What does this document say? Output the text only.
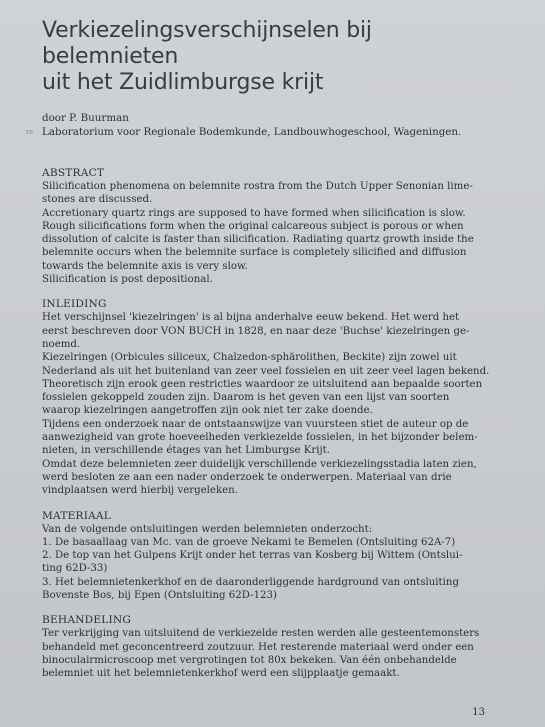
Verkiezelingsverschijnselen bij belemnieten
uit het Zuidlimburgse krijt
door P. Buurman
rs Laboratorium voor Regionale Bodemkunde, Landbouwhogeschool, Wageningen.
ABSTRACT
Silicification phenomena on belemnite rostra from the Dutch Upper Senonian lime-
stones are discussed.
Accretionary quartz rings are supposed to have formed when silicification is slow.
Rough silicifications form when the original calcareous subject is porous or when
dissolution of calcite is faster than silicification. Radiating quartz growth inside the
belemnite occurs when the belemnite surface is completely silicified and diffusion
towards the belemnite axis is very slow.
Silicification is post depositional.
INLEIDING
Het verschijnsel 'kiezelringen' is al bijna anderhalve eeuw bekend. Het werd het
eerst beschreven door VON BUCH in 1828, en naar deze 'Buchse' kiezelringen ge-
noemd.
Kiezelringen (Orbicules siliceux, Chalzedon-sphärolithen, Beckite) zijn zowel uit
Nederland als uit het buitenland van zeer veel fossielen en uit zeer veel lagen bekend.
Theoretisch zijn erook geen restricties waardoor ze uitsluitend aan bepaalde soorten
fossielen gekoppeld zouden zijn. Daarom is het geven van een lijst van soorten
waarop kiezelringen aangetroffen zijn ook niet ter zake doende.
Tijdens een onderzoek naar de ontstaanswijze van vuursteen stiet de auteur op de
aanwezigheid van grote hoeveelheden verkiezelde fossielen, in het bijzonder belem-
nieten, in verschillende étages van het Limburgse Krijt.
Omdat deze belemnieten zeer duidelijk verschillende verkiezelingsstadia laten zien,
werd besloten ze aan een nader onderzoek te onderwerpen. Materiaal van drie
vindplaatsen werd hierbij vergeleken.
MATERIAAL
Van de volgende ontsluitingen werden belemnieten onderzocht:
1. De basaallaag van Mc. van de groeve Nekami te Bemelen (Ontsluiting 62A-7)
2. De top van het Gulpens Krijt onder het terras van Kosberg bij Wittem (Ontslui-
ting 62D-33)
3. Het belemnietenkerkhof en de daaronderliggende hardground van ontsluiting
Bovenste Bos, bij Epen (Ontsluiting 62D-123)
BEHANDELING
Ter verkrijging van uitsluitend de verkiezelde resten werden alle gesteentemonsters
behandeld met geconcentreerd zoutzuur. Het resterende materiaal werd onder een
binoculairmicroscoop met vergrotingen tot 80x bekeken. Van één onbehandelde
belemniet uit het belemnietenkerkhof werd een slijpplaatje gemaakt.
13
